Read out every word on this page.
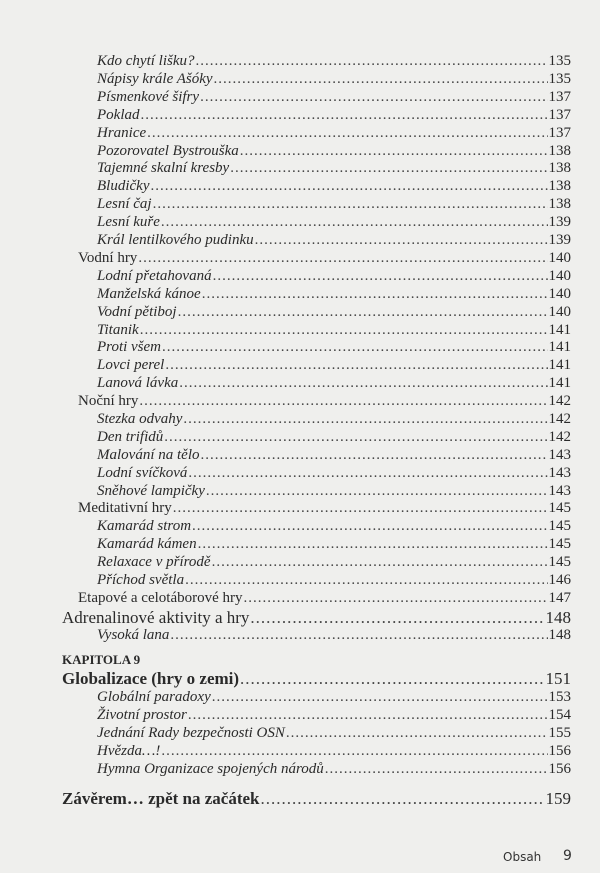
Kdo chytí lišku? .....	135
Nápisy krále Ašóky .....	135
Písmenkové šifry .....	137
Poklad .....	137
Hranice .....	137
Pozorovatel Bystrouška .....	138
Tajemné skalní kresby .....	138
Bludičky .....	138
Lesní čaj .....	138
Lesní kuře .....	139
Král lentilkového pudinku .....	139
Vodní hry .....	140
Lodní přetahovaná .....	140
Manželská kánoe .....	140
Vodní pětiboj .....	140
Titanik .....	141
Proti všem .....	141
Lovci perel .....	141
Lanová lávka .....	141
Noční hry .....	142
Stezka odvahy .....	142
Den trifidů .....	142
Malování na tělo .....	143
Lodní svíčková .....	143
Sněhové lampičky .....	143
Meditativní hry .....	145
Kamarád strom .....	145
Kamarád kámen .....	145
Relaxace v přírodě .....	145
Příchod světla .....	146
Etapové a celotáborové hry .....	147
Adrenalinové aktivity a hry .....	148
Vysoká lana .....	148
Globalizace (hry o zemi) .....	151
Globální paradoxy .....	153
Životní prostor .....	154
Jednání Rady bezpečnosti OSN .....	155
Hvězda…! .....	156
Hymna Organizace spojených národů .....	156
Závěrem… zpět na začátek .....	159
KAPITOLA 9
Obsah 9
